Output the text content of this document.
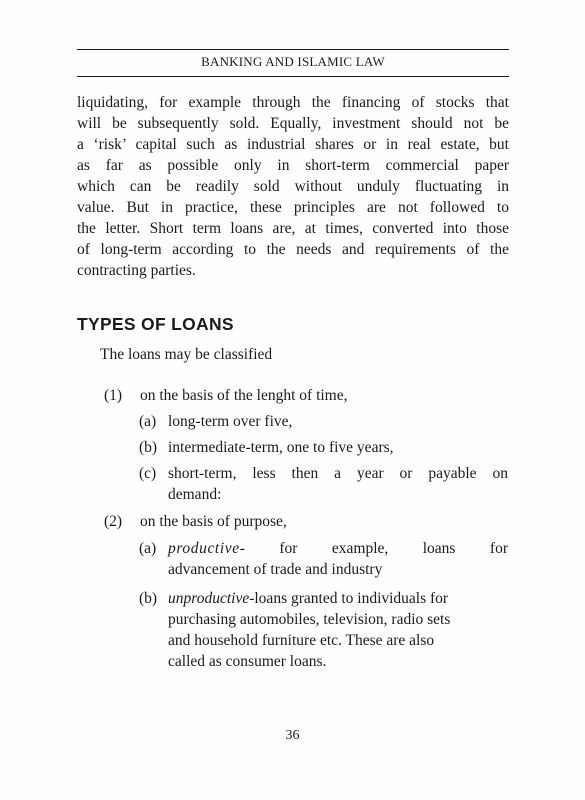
BANKING AND ISLAMIC LAW
liquidating, for example through the financing of stocks that
will be subsequently sold. Equally, investment should not be
a ‘risk’ capital such as industrial shares or in real estate, but
as far as possible only in short-term commercial paper
which can be readily sold without unduly fluctuating in
value. But in practice, these principles are not followed to
the letter. Short term loans are, at times, converted into those
of long-term according to the needs and requirements of the
contracting parties.
TYPES OF LOANS
The loans may be classified
(1) on the basis of the lenght of time,
(a) long-term over five,
(b) intermediate-term, one to five years,
(c) short-term, less then a year or payable on
demand:
(2) on the basis of purpose,
(a) productive- for example, loans for
advancement of trade and industry
(b) unproductive-loans granted to individuals for
purchasing automobiles, television, radio sets
and household furniture etc. These are also
called as consumer loans.
36
